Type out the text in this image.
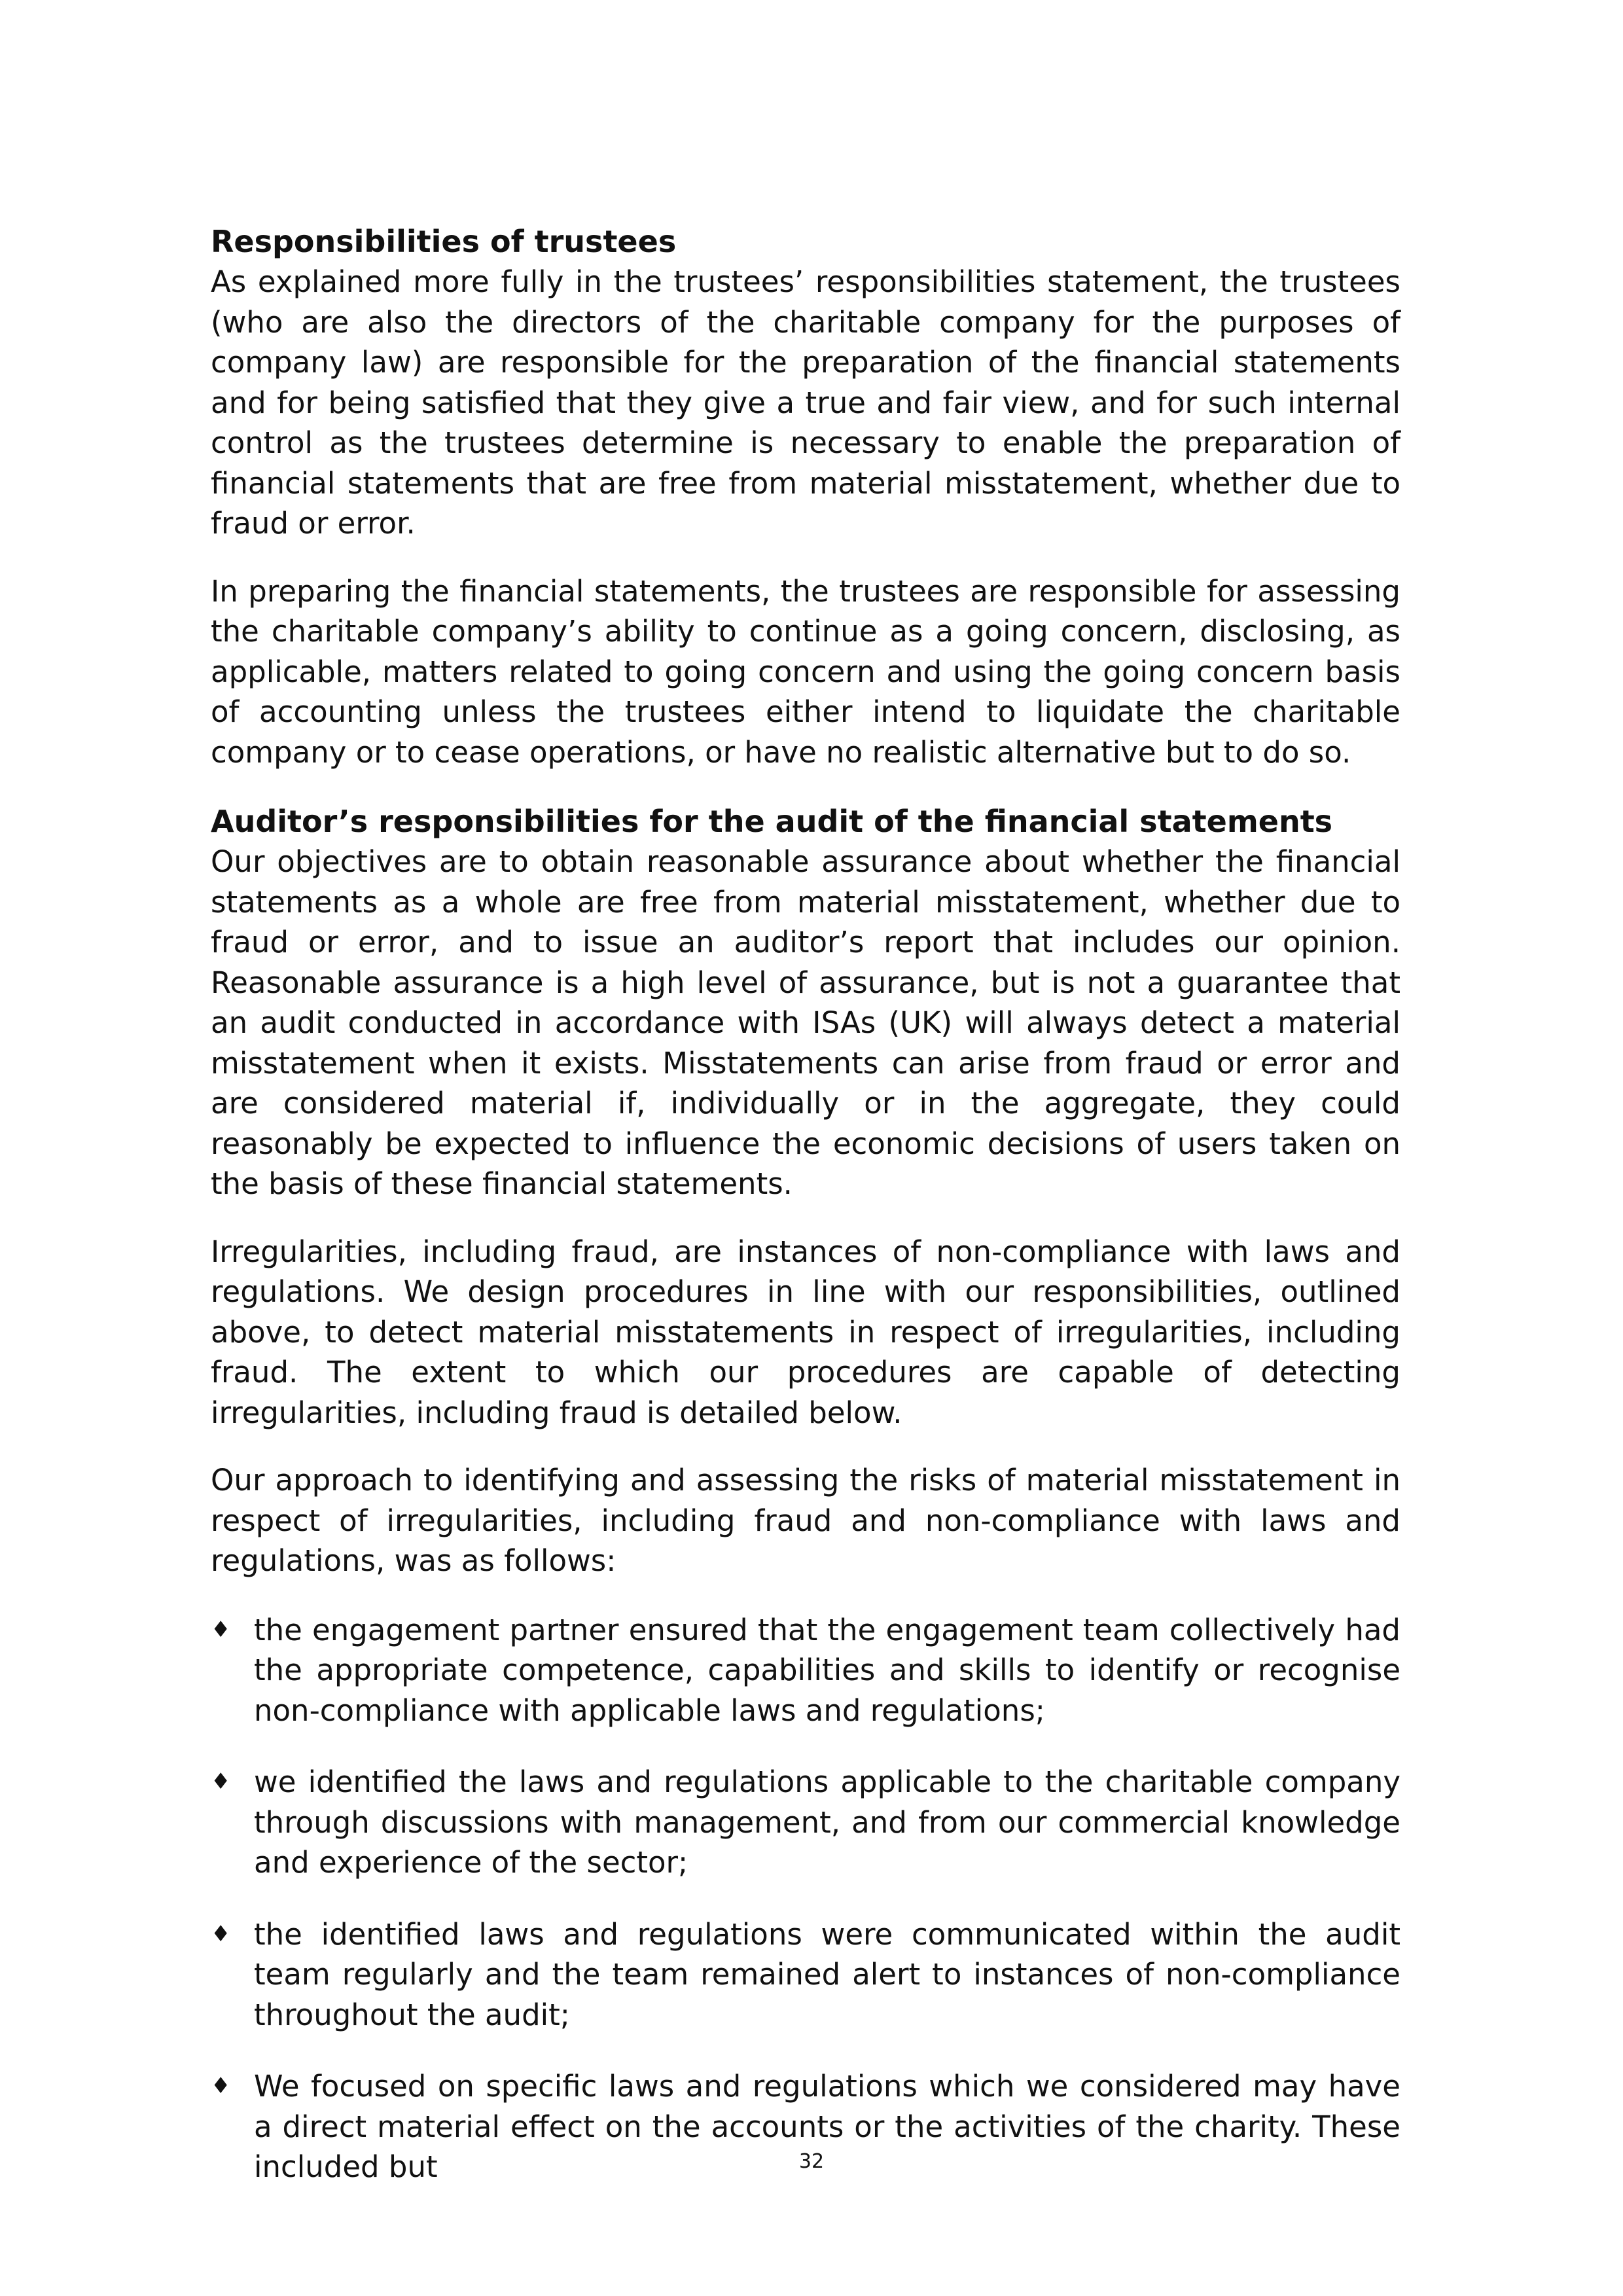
Responsibilities of trustees

As explained more fully in the trustees’ responsibilities statement, the trustees (who are also the directors of the charitable company for the purposes of company law) are responsible for the preparation of the financial statements and for being satisfied that they give a true and fair view, and for such internal control as the trustees determine is necessary to enable the preparation of financial statements that are free from material misstatement, whether due to fraud or error.

In preparing the financial statements, the trustees are responsible for assessing the charitable company’s ability to continue as a going concern, disclosing, as applicable, matters related to going concern and using the going concern basis of accounting unless the trustees either intend to liquidate the charitable company or to cease operations, or have no realistic alternative but to do so.

Auditor’s responsibilities for the audit of the financial statements

Our objectives are to obtain reasonable assurance about whether the financial statements as a whole are free from material misstatement, whether due to fraud or error, and to issue an auditor’s report that includes our opinion. Reasonable assurance is a high level of assurance, but is not a guarantee that an audit conducted in accordance with ISAs (UK) will always detect a material misstatement when it exists. Misstatements can arise from fraud or error and are considered material if, individually or in the aggregate, they could reasonably be expected to influence the economic decisions of users taken on the basis of these financial statements.

Irregularities, including fraud, are instances of non-compliance with laws and regulations. We design procedures in line with our responsibilities, outlined above, to detect material misstatements in respect of irregularities, including fraud. The extent to which our procedures are capable of detecting irregularities, including fraud is detailed below.

Our approach to identifying and assessing the risks of material misstatement in respect of irregularities, including fraud and non-compliance with laws and regulations, was as follows:

♦ the engagement partner ensured that the engagement team collectively had the appropriate competence, capabilities and skills to identify or recognise non-compliance with applicable laws and regulations;

♦ we identified the laws and regulations applicable to the charitable company through discussions with management, and from our commercial knowledge and experience of the sector;

♦ the identified laws and regulations were communicated within the audit team regularly and the team remained alert to instances of non-compliance throughout the audit;

♦ We focused on specific laws and regulations which we considered may have a direct material effect on the accounts or the activities of the charity. These included but	32
